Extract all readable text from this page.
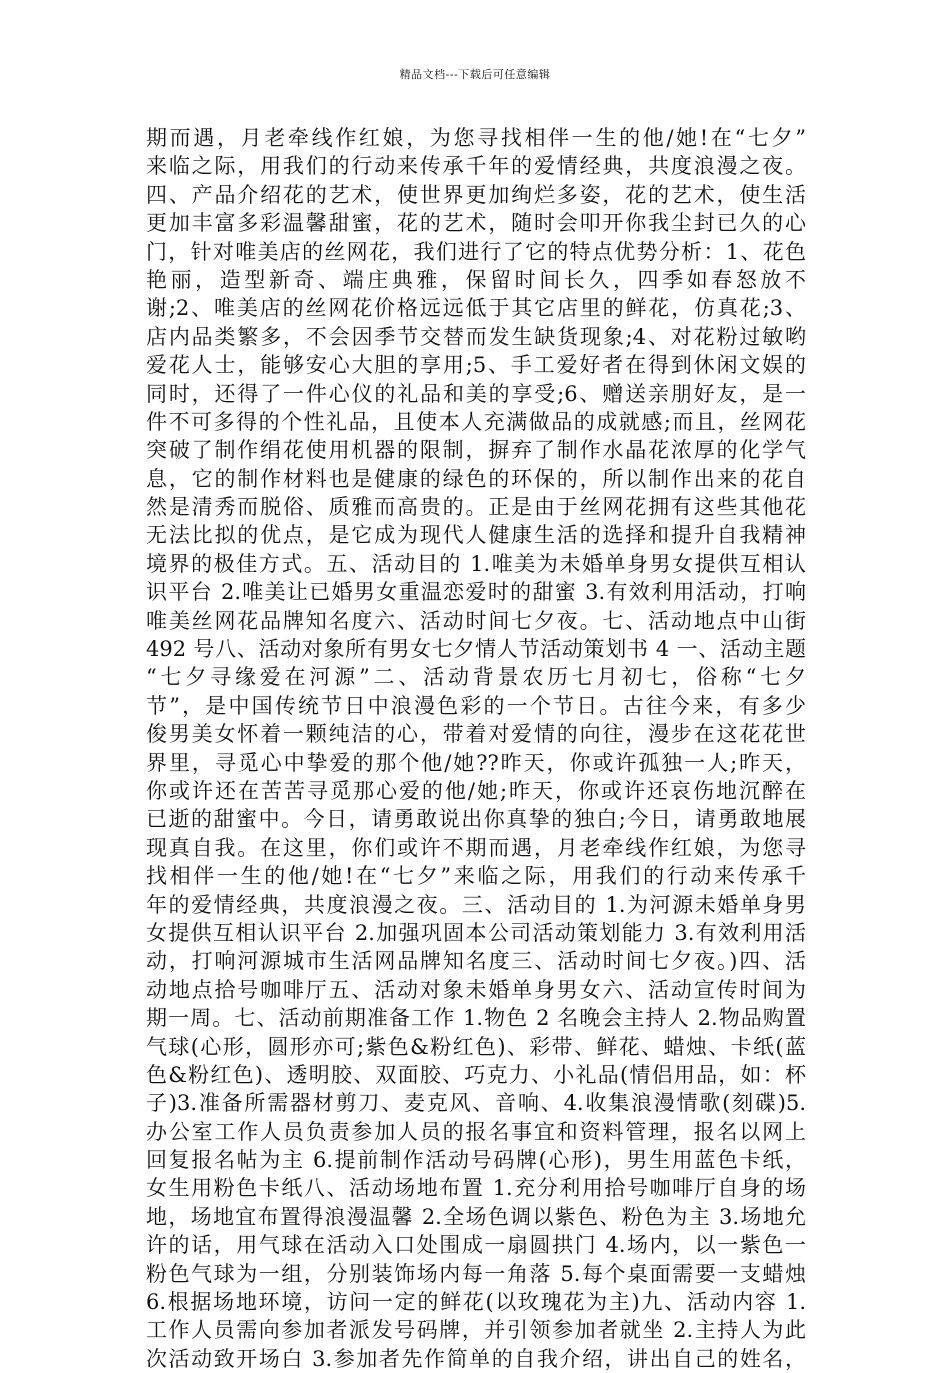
精品文档---下载后可任意编辑
期而遇，月老牵线作红娘，为您寻找相伴一生的他/她!在“七夕”
来临之际，用我们的行动来传承千年的爱情经典，共度浪漫之夜。
四、产品介绍花的艺术，使世界更加绚烂多姿，花的艺术，使生活
更加丰富多彩温馨甜蜜，花的艺术，随时会叩开你我尘封已久的心
门，针对唯美店的丝网花，我们进行了它的特点优势分析：1、花色
艳丽，造型新奇、端庄典雅，保留时间长久，四季如春怒放不
谢;2、唯美店的丝网花价格远远低于其它店里的鲜花，仿真花;3、
店内品类繁多，不会因季节交替而发生缺货现象;4、对花粉过敏哟
爱花人士，能够安心大胆的享用;5、手工爱好者在得到休闲文娱的
同时，还得了一件心仪的礼品和美的享受;6、赠送亲朋好友，是一
件不可多得的个性礼品，且使本人充满做品的成就感;而且，丝网花
突破了制作绢花使用机器的限制，摒弃了制作水晶花浓厚的化学气
息，它的制作材料也是健康的绿色的环保的，所以制作出来的花自
然是清秀而脱俗、质雅而高贵的。正是由于丝网花拥有这些其他花
无法比拟的优点，是它成为现代人健康生活的选择和提升自我精神
境界的极佳方式。五、活动目的 1.唯美为未婚单身男女提供互相认
识平台 2.唯美让已婚男女重温恋爱时的甜蜜 3.有效利用活动，打响
唯美丝网花品牌知名度六、活动时间七夕夜。七、活动地点中山街
492 号八、活动对象所有男女七夕情人节活动策划书 4 一、活动主题
“七夕寻缘爱在河源”二、活动背景农历七月初七，俗称“七夕
节”，是中国传统节日中浪漫色彩的一个节日。古往今来，有多少
俊男美女怀着一颗纯洁的心，带着对爱情的向往，漫步在这花花世
界里，寻觅心中挚爱的那个他/她??昨天，你或许孤独一人;昨天，
你或许还在苦苦寻觅那心爱的他/她;昨天，你或许还哀伤地沉醉在
已逝的甜蜜中。今日，请勇敢说出你真挚的独白;今日，请勇敢地展
现真自我。在这里，你们或许不期而遇，月老牵线作红娘，为您寻
找相伴一生的他/她!在“七夕”来临之际，用我们的行动来传承千
年的爱情经典，共度浪漫之夜。三、活动目的 1.为河源未婚单身男
女提供互相认识平台 2.加强巩固本公司活动策划能力 3.有效利用活
动，打响河源城市生活网品牌知名度三、活动时间七夕夜。)四、活
动地点拾号咖啡厅五、活动对象未婚单身男女六、活动宣传时间为
期一周。七、活动前期准备工作 1.物色 2 名晚会主持人 2.物品购置
气球(心形，圆形亦可;紫色&粉红色)、彩带、鲜花、蜡烛、卡纸(蓝
色&粉红色)、透明胶、双面胶、巧克力、小礼品(情侣用品，如：杯
子)3.准备所需器材剪刀、麦克风、音响、4.收集浪漫情歌(刻碟)5.
办公室工作人员负责参加人员的报名事宜和资料管理，报名以网上
回复报名帖为主 6.提前制作活动号码牌(心形)，男生用蓝色卡纸，
女生用粉色卡纸八、活动场地布置 1.充分利用拾号咖啡厅自身的场
地，场地宜布置得浪漫温馨 2.全场色调以紫色、粉色为主 3.场地允
许的话，用气球在活动入口处围成一扇圆拱门 4.场内，以一紫色一
粉色气球为一组，分别装饰场内每一角落 5.每个桌面需要一支蜡烛
6.根据场地环境，访问一定的鲜花(以玫瑰花为主)九、活动内容 1.
工作人员需向参加者派发号码牌，并引领参加者就坐 2.主持人为此
次活动致开场白 3.参加者先作简单的自我介绍，讲出自己的姓名，
